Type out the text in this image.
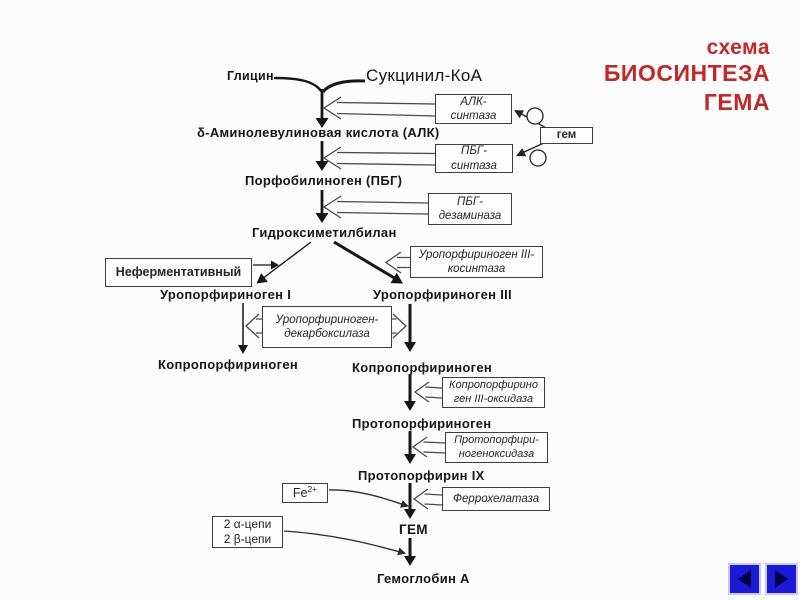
схема
БИОСИНТЕЗА
ГЕМА
Глицин	Сукцинил-КоА
δ-Аминолевулиновая кислота (АЛК)
Порфобилиноген (ПБГ)
Гидроксиметилбилан
Уропорфириноген I	Уропорфириноген III
Копропорфириноген	Копропорфириноген
Протопорфириноген
Протопорфирин IX
ГЕМ
Гемоглобин А
АЛК-
синтаза
ПБГ-
синтаза
ПБГ-
дезаминаза
Уропорфириноген III-
косинтаза
Уропорфириноген-
декарбоксилаза
Копропорфирино
ген III-оксидаза
Протопорфири-
ногеноксидаза
Феррохелатаза
гем
Неферментативный
$Fe^{2+}$
2 α-цепи
2 β-цепи
